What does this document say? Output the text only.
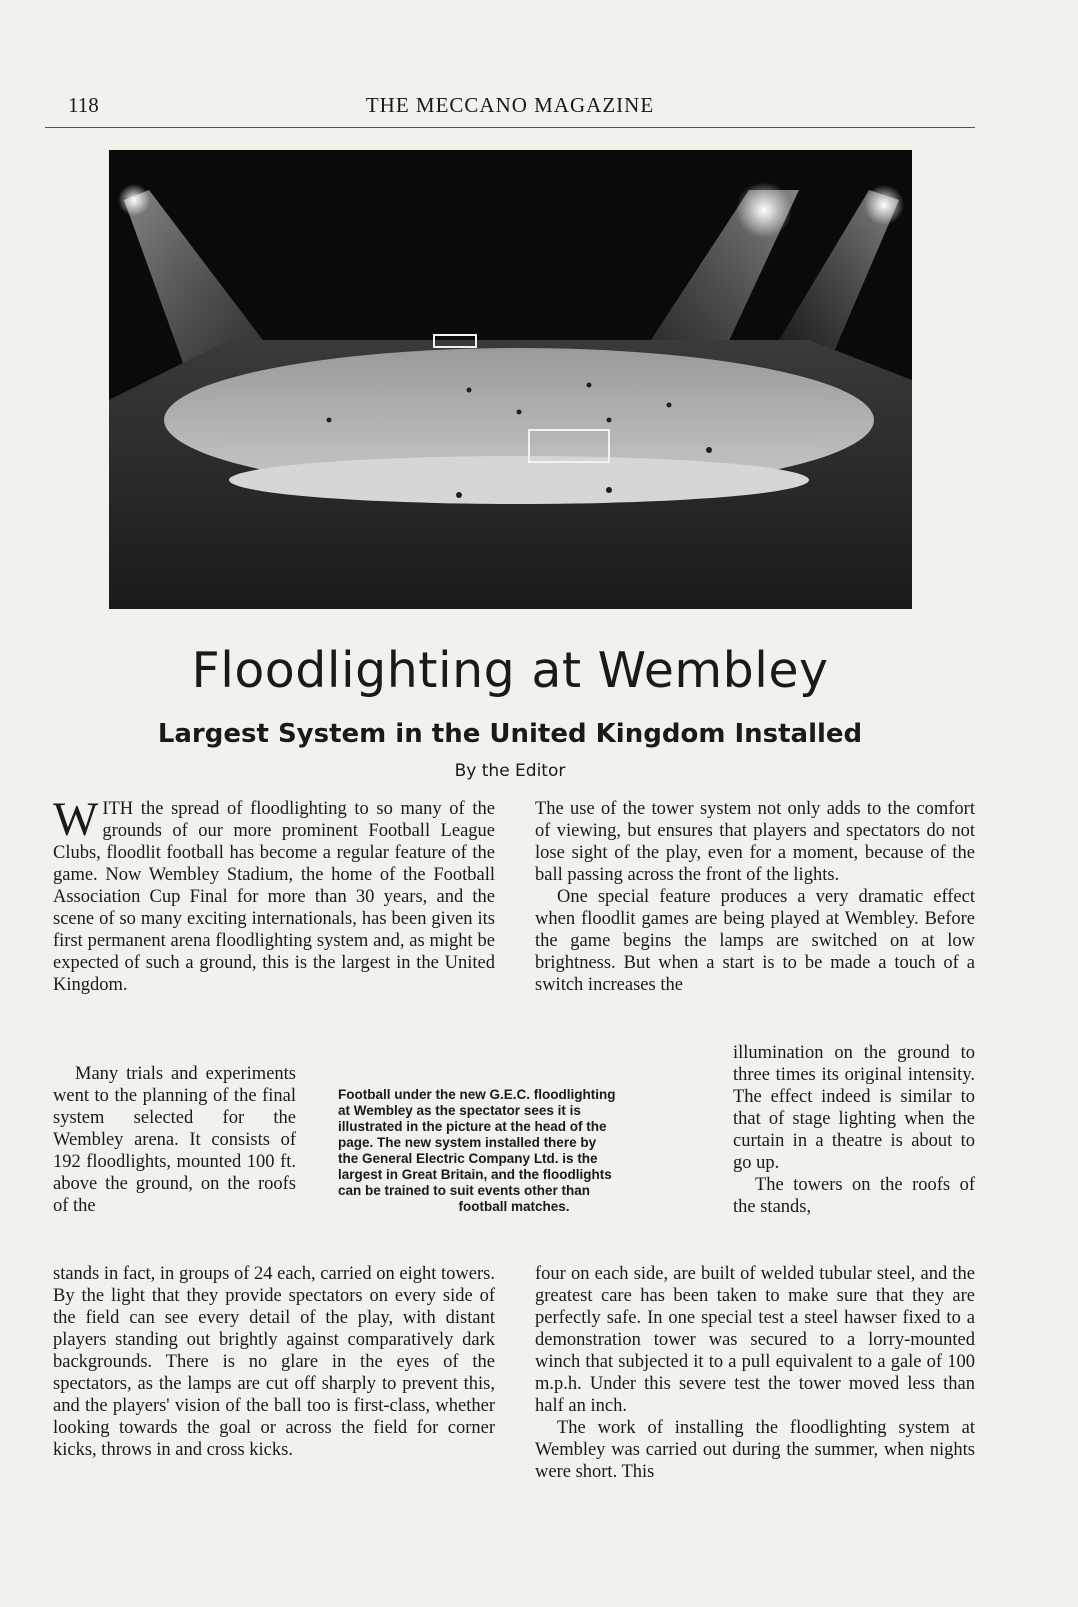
118	THE MECCANO MAGAZINE
Floodlighting at Wembley
Largest System in the United Kingdom Installed
By the Editor

WITH the spread of floodlighting to so many of the grounds of our more prominent Football League Clubs, floodlit football has become a regular feature of the game. Now Wembley Stadium, the home of the Football Association Cup Final for more than 30 years, and the scene of so many exciting internationals, has been given its first permanent arena floodlighting system and, as might be expected of such a ground, this is the largest in the United Kingdom.

Many trials and experiments went to the planning of the final system selected for the Wembley arena. It consists of 192 floodlights, mounted 100 ft. above the ground, on the roofs of the

stands in fact, in groups of 24 each, carried on eight towers. By the light that they provide spectators on every side of the field can see every detail of the play, with distant players standing out brightly against comparatively dark backgrounds. There is no glare in the eyes of the spectators, as the lamps are cut off sharply to prevent this, and the players' vision of the ball too is first-class, whether looking towards the goal or across the field for corner kicks, throws in and cross kicks.

The use of the tower system not only adds to the comfort of viewing, but ensures that players and spectators do not lose sight of the play, even for a moment, because of the ball passing across the front of the lights.

One special feature produces a very dramatic effect when floodlit games are being played at Wembley. Before the game begins the lamps are switched on at low brightness. But when a start is to be made a touch of a switch increases the

illumination on the ground to three times its original intensity. The effect indeed is similar to that of stage lighting when the curtain in a theatre is about to go up.

The towers on the roofs of the stands,

four on each side, are built of welded tubular steel, and the greatest care has been taken to make sure that they are perfectly safe. In one special test a steel hawser fixed to a demonstration tower was secured to a lorry-mounted winch that subjected it to a pull equivalent to a gale of 100 m.p.h. Under this severe test the tower moved less than half an inch.

The work of installing the floodlighting system at Wembley was carried out during the summer, when nights were short. This

Football under the new G.E.C. floodlighting
at Wembley as the spectator sees it is
illustrated in the picture at the head of the
page. The new system installed there by
the General Electric Company Ltd. is the
largest in Great Britain, and the floodlights
can be trained to suit events other than
football matches.
